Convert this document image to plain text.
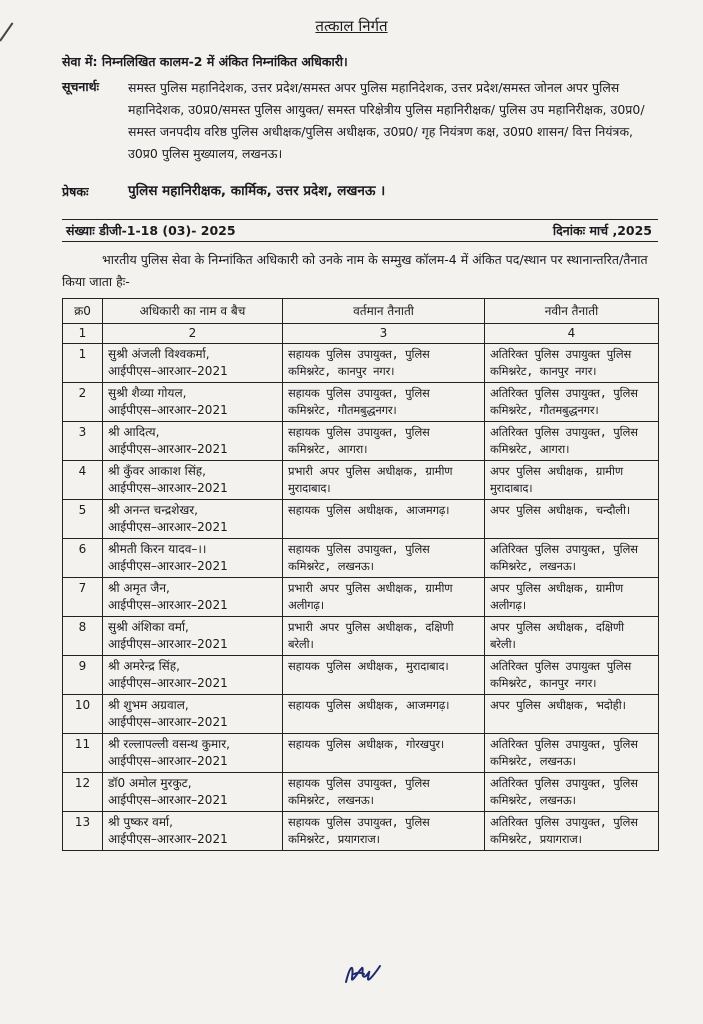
तत्काल निर्गत
सेवा में: निम्नलिखित कालम-2 में अंकित निम्नांकित अधिकारी।
सूचनार्थः समस्त पुलिस महानिदेशक, उत्तर प्रदेश/समस्त अपर पुलिस महानिदेशक, उत्तर प्रदेश/समस्त जोनल अपर पुलिस महानिदेशक, उ0प्र0/समस्त पुलिस आयुक्त/ समस्त परिक्षेत्रीय पुलिस महानिरीक्षक/ पुलिस उप महानिरीक्षक, उ0प्र0/ समस्त जनपदीय वरिष्ठ पुलिस अधीक्षक/पुलिस अधीक्षक, उ0प्र0/ गृह नियंत्रण कक्ष, उ0प्र0 शासन/ वित्त नियंत्रक, उ0प्र0 पुलिस मुख्यालय, लखनऊ।
प्रेषकः	पुलिस महानिरीक्षक, कार्मिक, उत्तर प्रदेश, लखनऊ ।
संख्याः डीजी-1-18 (03)- 2025	दिनांकः मार्च ,2025
भारतीय पुलिस सेवा के निम्नांकित अधिकारी को उनके नाम के सम्मुख कॉलम-4 में अंकित पद/स्थान पर स्थानान्तरित/तैनात किया जाता हैः-
क्र0	अधिकारी का नाम व बैच	वर्तमान तैनाती	नवीन तैनाती
1	2	3	4
1	सुश्री अंजली विश्वकर्मा,
आईपीएस–आरआर–2021	सहायक पुलिस उपायुक्त, पुलिस कमिश्नरेट, कानपुर नगर।	अतिरिक्त पुलिस उपायुक्त पुलिस कमिश्नरेट, कानपुर नगर।
2	सुश्री शैव्या गोयल,
आईपीएस–आरआर–2021	सहायक पुलिस उपायुक्त, पुलिस कमिश्नरेट, गौतमबुद्धनगर।	अतिरिक्त पुलिस उपायुक्त, पुलिस कमिश्नरेट, गौतमबुद्धनगर।
3	श्री आदित्य,
आईपीएस–आरआर–2021	सहायक पुलिस उपायुक्त, पुलिस कमिश्नरेट, आगरा।	अतिरिक्त पुलिस उपायुक्त, पुलिस कमिश्नरेट, आगरा।
4	श्री कुँवर आकाश सिंह,
आईपीएस–आरआर–2021	प्रभारी अपर पुलिस अधीक्षक, ग्रामीण मुरादाबाद।	अपर पुलिस अधीक्षक, ग्रामीण मुरादाबाद।
5	श्री अनन्त चन्द्रशेखर,
आईपीएस–आरआर–2021	सहायक पुलिस अधीक्षक, आजमगढ़।	अपर पुलिस अधीक्षक, चन्दौली।
6	श्रीमती किरन यादव–।।
आईपीएस–आरआर–2021	सहायक पुलिस उपायुक्त, पुलिस कमिश्नरेट, लखनऊ।	अतिरिक्त पुलिस उपायुक्त, पुलिस कमिश्नरेट, लखनऊ।
7	श्री अमृत जैन,
आईपीएस–आरआर–2021	प्रभारी अपर पुलिस अधीक्षक, ग्रामीण अलीगढ़।	अपर पुलिस अधीक्षक, ग्रामीण अलीगढ़।
8	सुश्री अंशिका वर्मा,
आईपीएस–आरआर–2021	प्रभारी अपर पुलिस अधीक्षक, दक्षिणी बरेली।	अपर पुलिस अधीक्षक, दक्षिणी बरेली।
9	श्री अमरेन्द्र सिंह,
आईपीएस–आरआर–2021	सहायक पुलिस अधीक्षक, मुरादाबाद।	अतिरिक्त पुलिस उपायुक्त पुलिस कमिश्नरेट, कानपुर नगर।
10	श्री शुभम अग्रवाल,
आईपीएस–आरआर–2021	सहायक पुलिस अधीक्षक, आजमगढ़।	अपर पुलिस अधीक्षक, भदोही।
11	श्री रल्लापल्ली वसन्थ कुमार,
आईपीएस–आरआर–2021	सहायक पुलिस अधीक्षक, गोरखपुर।	अतिरिक्त पुलिस उपायुक्त, पुलिस कमिश्नरेट, लखनऊ।
12	डॉ0 अमोल मुरकुट,
आईपीएस–आरआर–2021	सहायक पुलिस उपायुक्त, पुलिस कमिश्नरेट, लखनऊ।	अतिरिक्त पुलिस उपायुक्त, पुलिस कमिश्नरेट, लखनऊ।
13	श्री पुष्कर वर्मा,
आईपीएस–आरआर–2021	सहायक पुलिस उपायुक्त, पुलिस कमिश्नरेट, प्रयागराज।	अतिरिक्त पुलिस उपायुक्त, पुलिस कमिश्नरेट, प्रयागराज।
